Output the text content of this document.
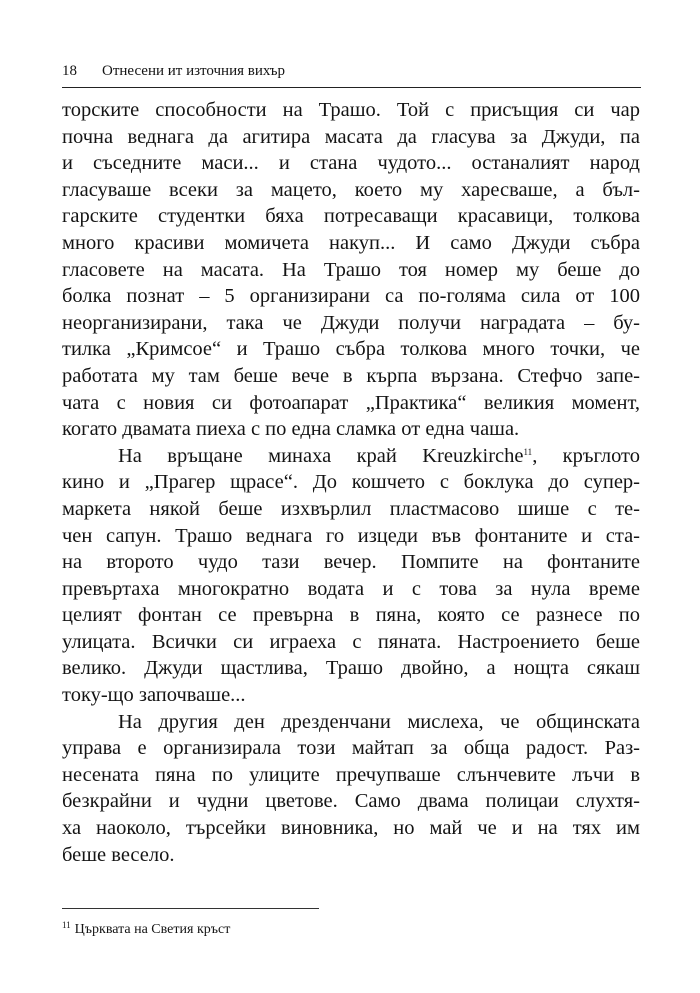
18 Отнесени ит източния вихър
торските способности на Трашо. Той с присъщия си чар
почна веднага да агитира масата да гласува за Джуди, па
и съседните маси... и стана чудото... останалият народ
гласуваше всеки за мацето, което му харесваше, а бъл-
гарските студентки бяха потресаващи красавици, толкова
много красиви момичета накуп... И само Джуди събра
гласовете на масата. На Трашо тоя номер му беше до
болка познат – 5 организирани са по-голяма сила от 100
неорганизирани, така че Джуди получи наградата – бу-
тилка „Кримсое“ и Трашо събра толкова много точки, че
работата му там беше вече в кърпа вързана. Стефчо запе-
чата с новия си фотоапарат „Практика“ великия момент,
когато двамата пиеха с по една сламка от една чаша.
На връщане минаха край Kreuzkirche$^{11}$, кръглото
кино и „Прагер щрасе“. До кошчето с боклука до супер-
маркета някой беше изхвърлил пластмасово шише с те-
чен сапун. Трашо веднага го изцеди във фонтаните и ста-
на второто чудо тази вечер. Помпите на фонтаните
превъртаха многократно водата и с това за нула време
целият фонтан се превърна в пяна, която се разнесе по
улицата. Всички си играеха с пяната. Настроението беше
велико. Джуди щастлива, Трашо двойно, а нощта сякаш
току-що започваше...
На другия ден дрезденчани мислеха, че общинската
управа е организирала този майтап за обща радост. Раз-
несената пяна по улиците пречупваше слънчевите лъчи в
безкрайни и чудни цветове. Само двама полицаи слухтя-
ха наоколо, търсейки виновника, но май че и на тях им
беше весело.
$^{11}$ Църквата на Светия кръст
